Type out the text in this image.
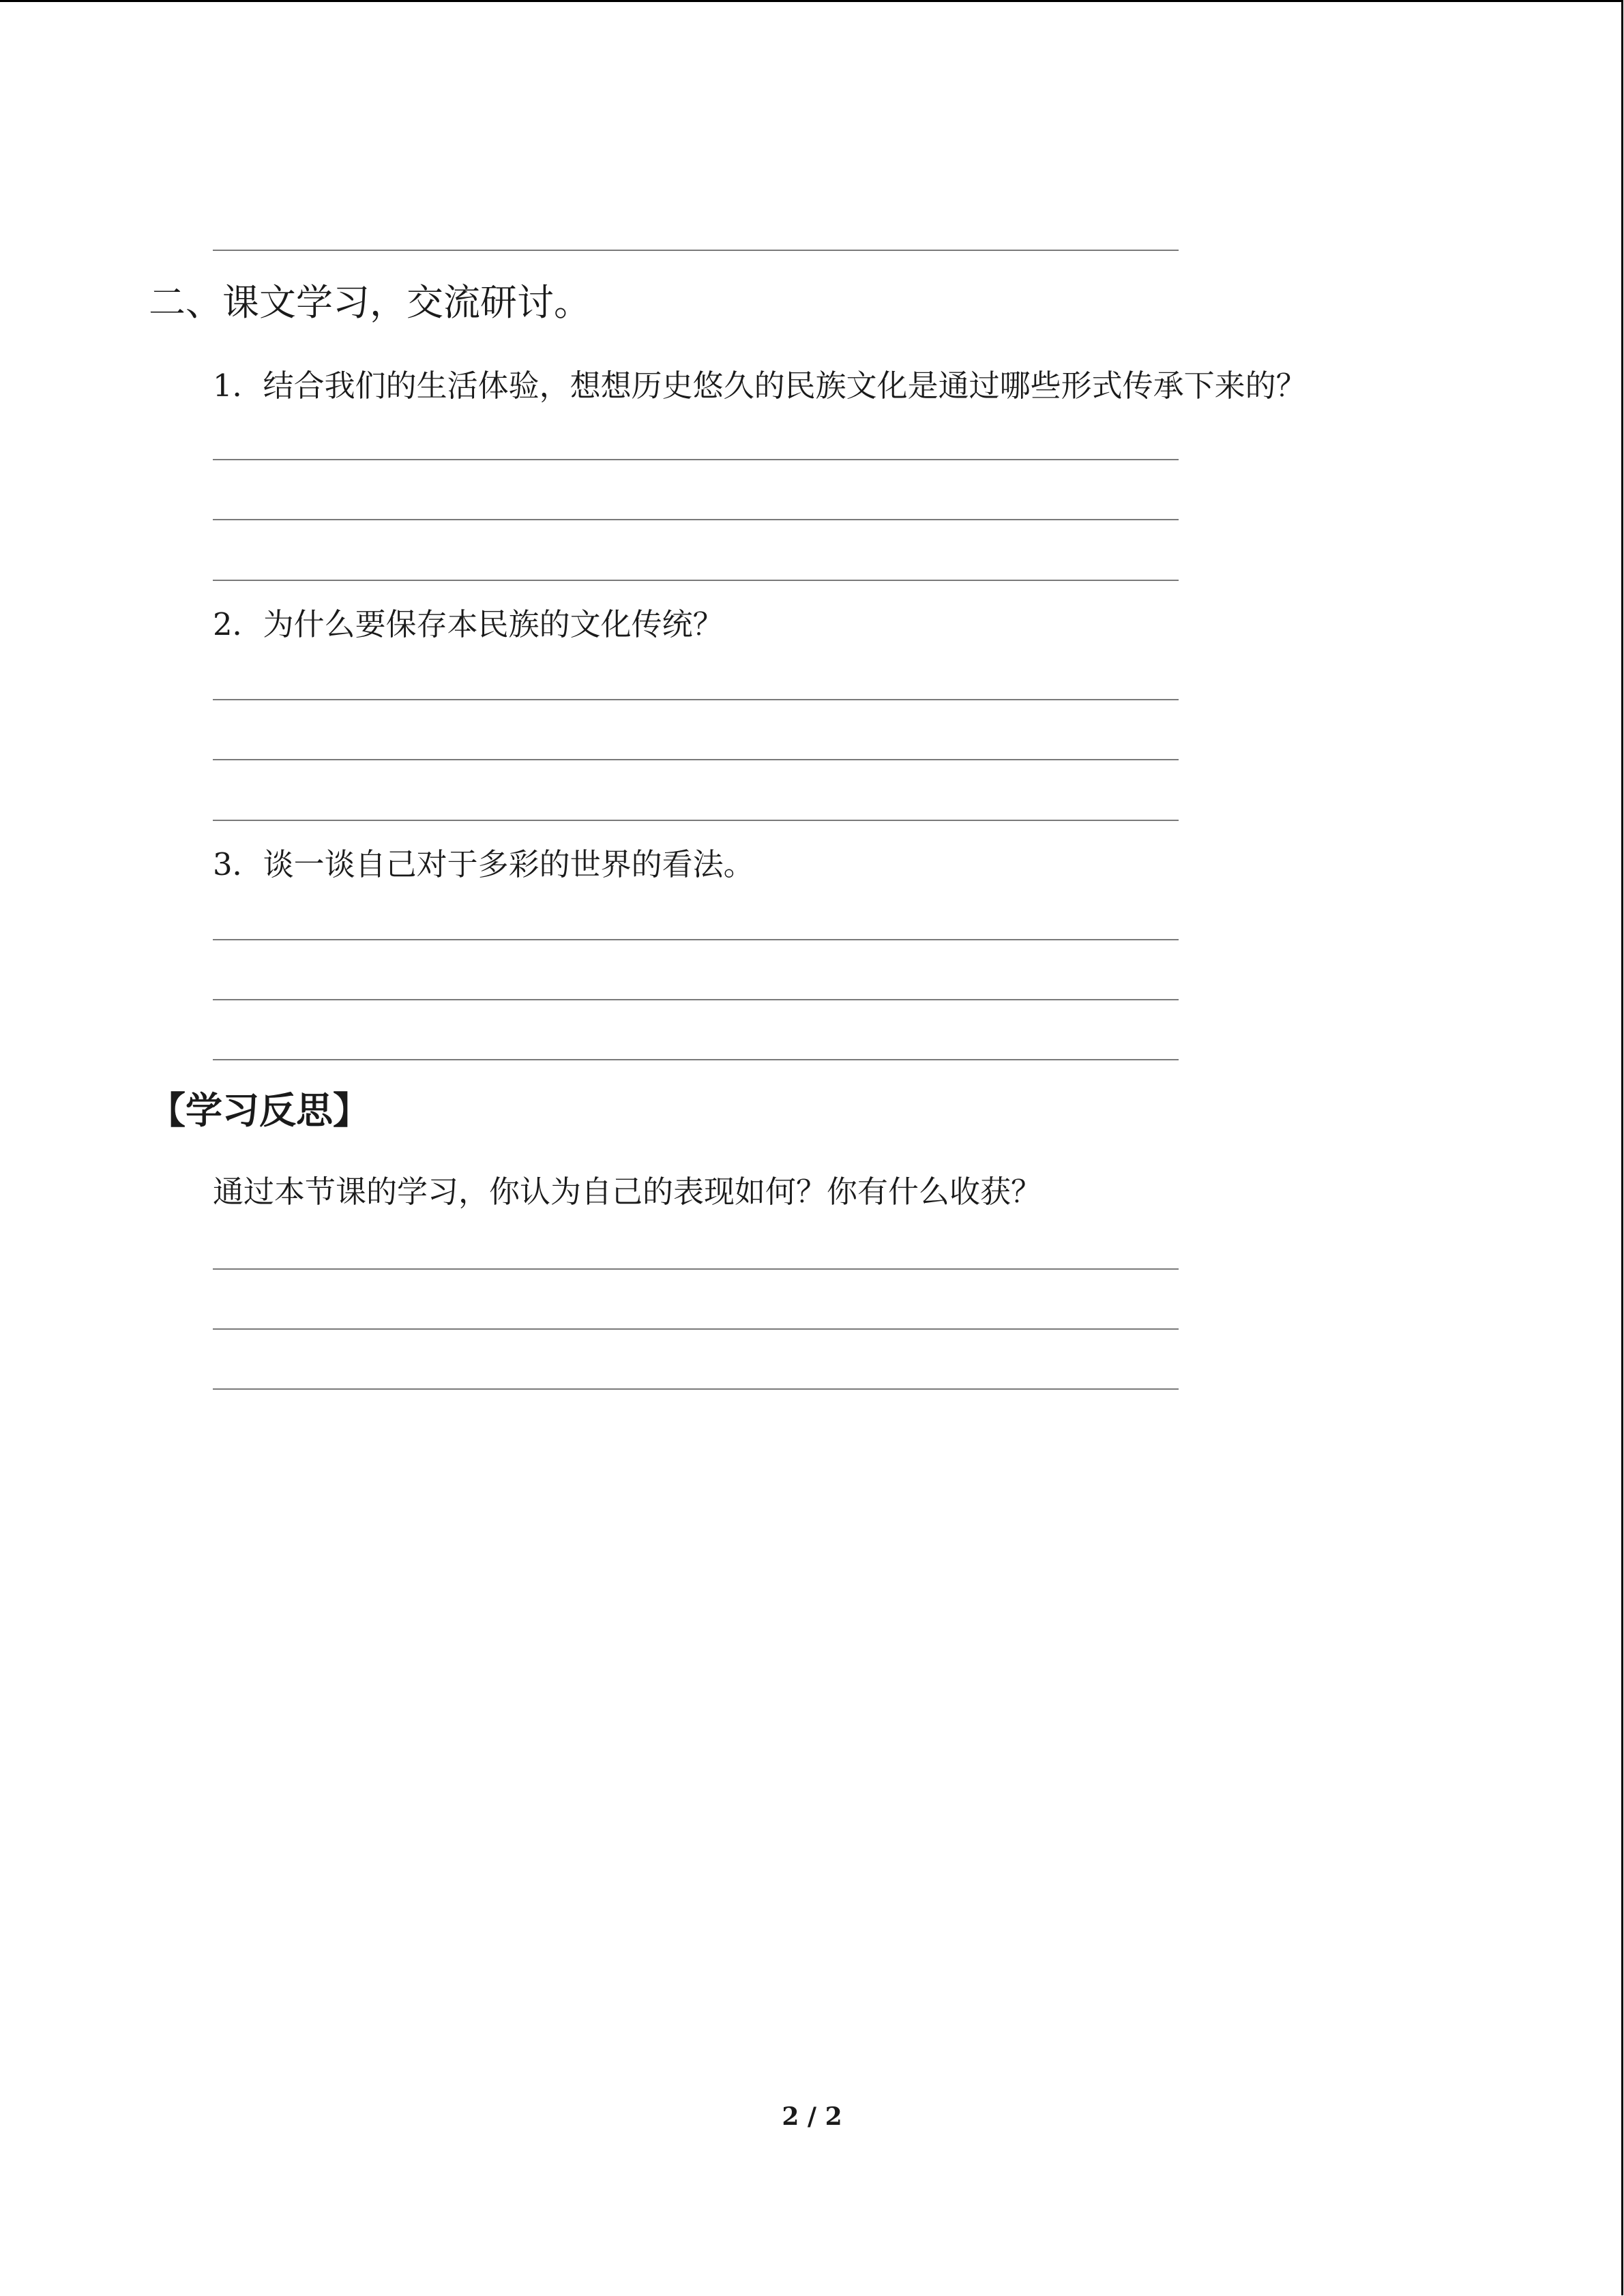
二、课文学习，交流研讨。
1．结合我们的生活体验，想想历史悠久的民族文化是通过哪些形式传承下来的？
2．为什么要保存本民族的文化传统？
3．谈一谈自己对于多彩的世界的看法。
【学习反思】
通过本节课的学习，你认为自己的表现如何？你有什么收获？
2 / 2
